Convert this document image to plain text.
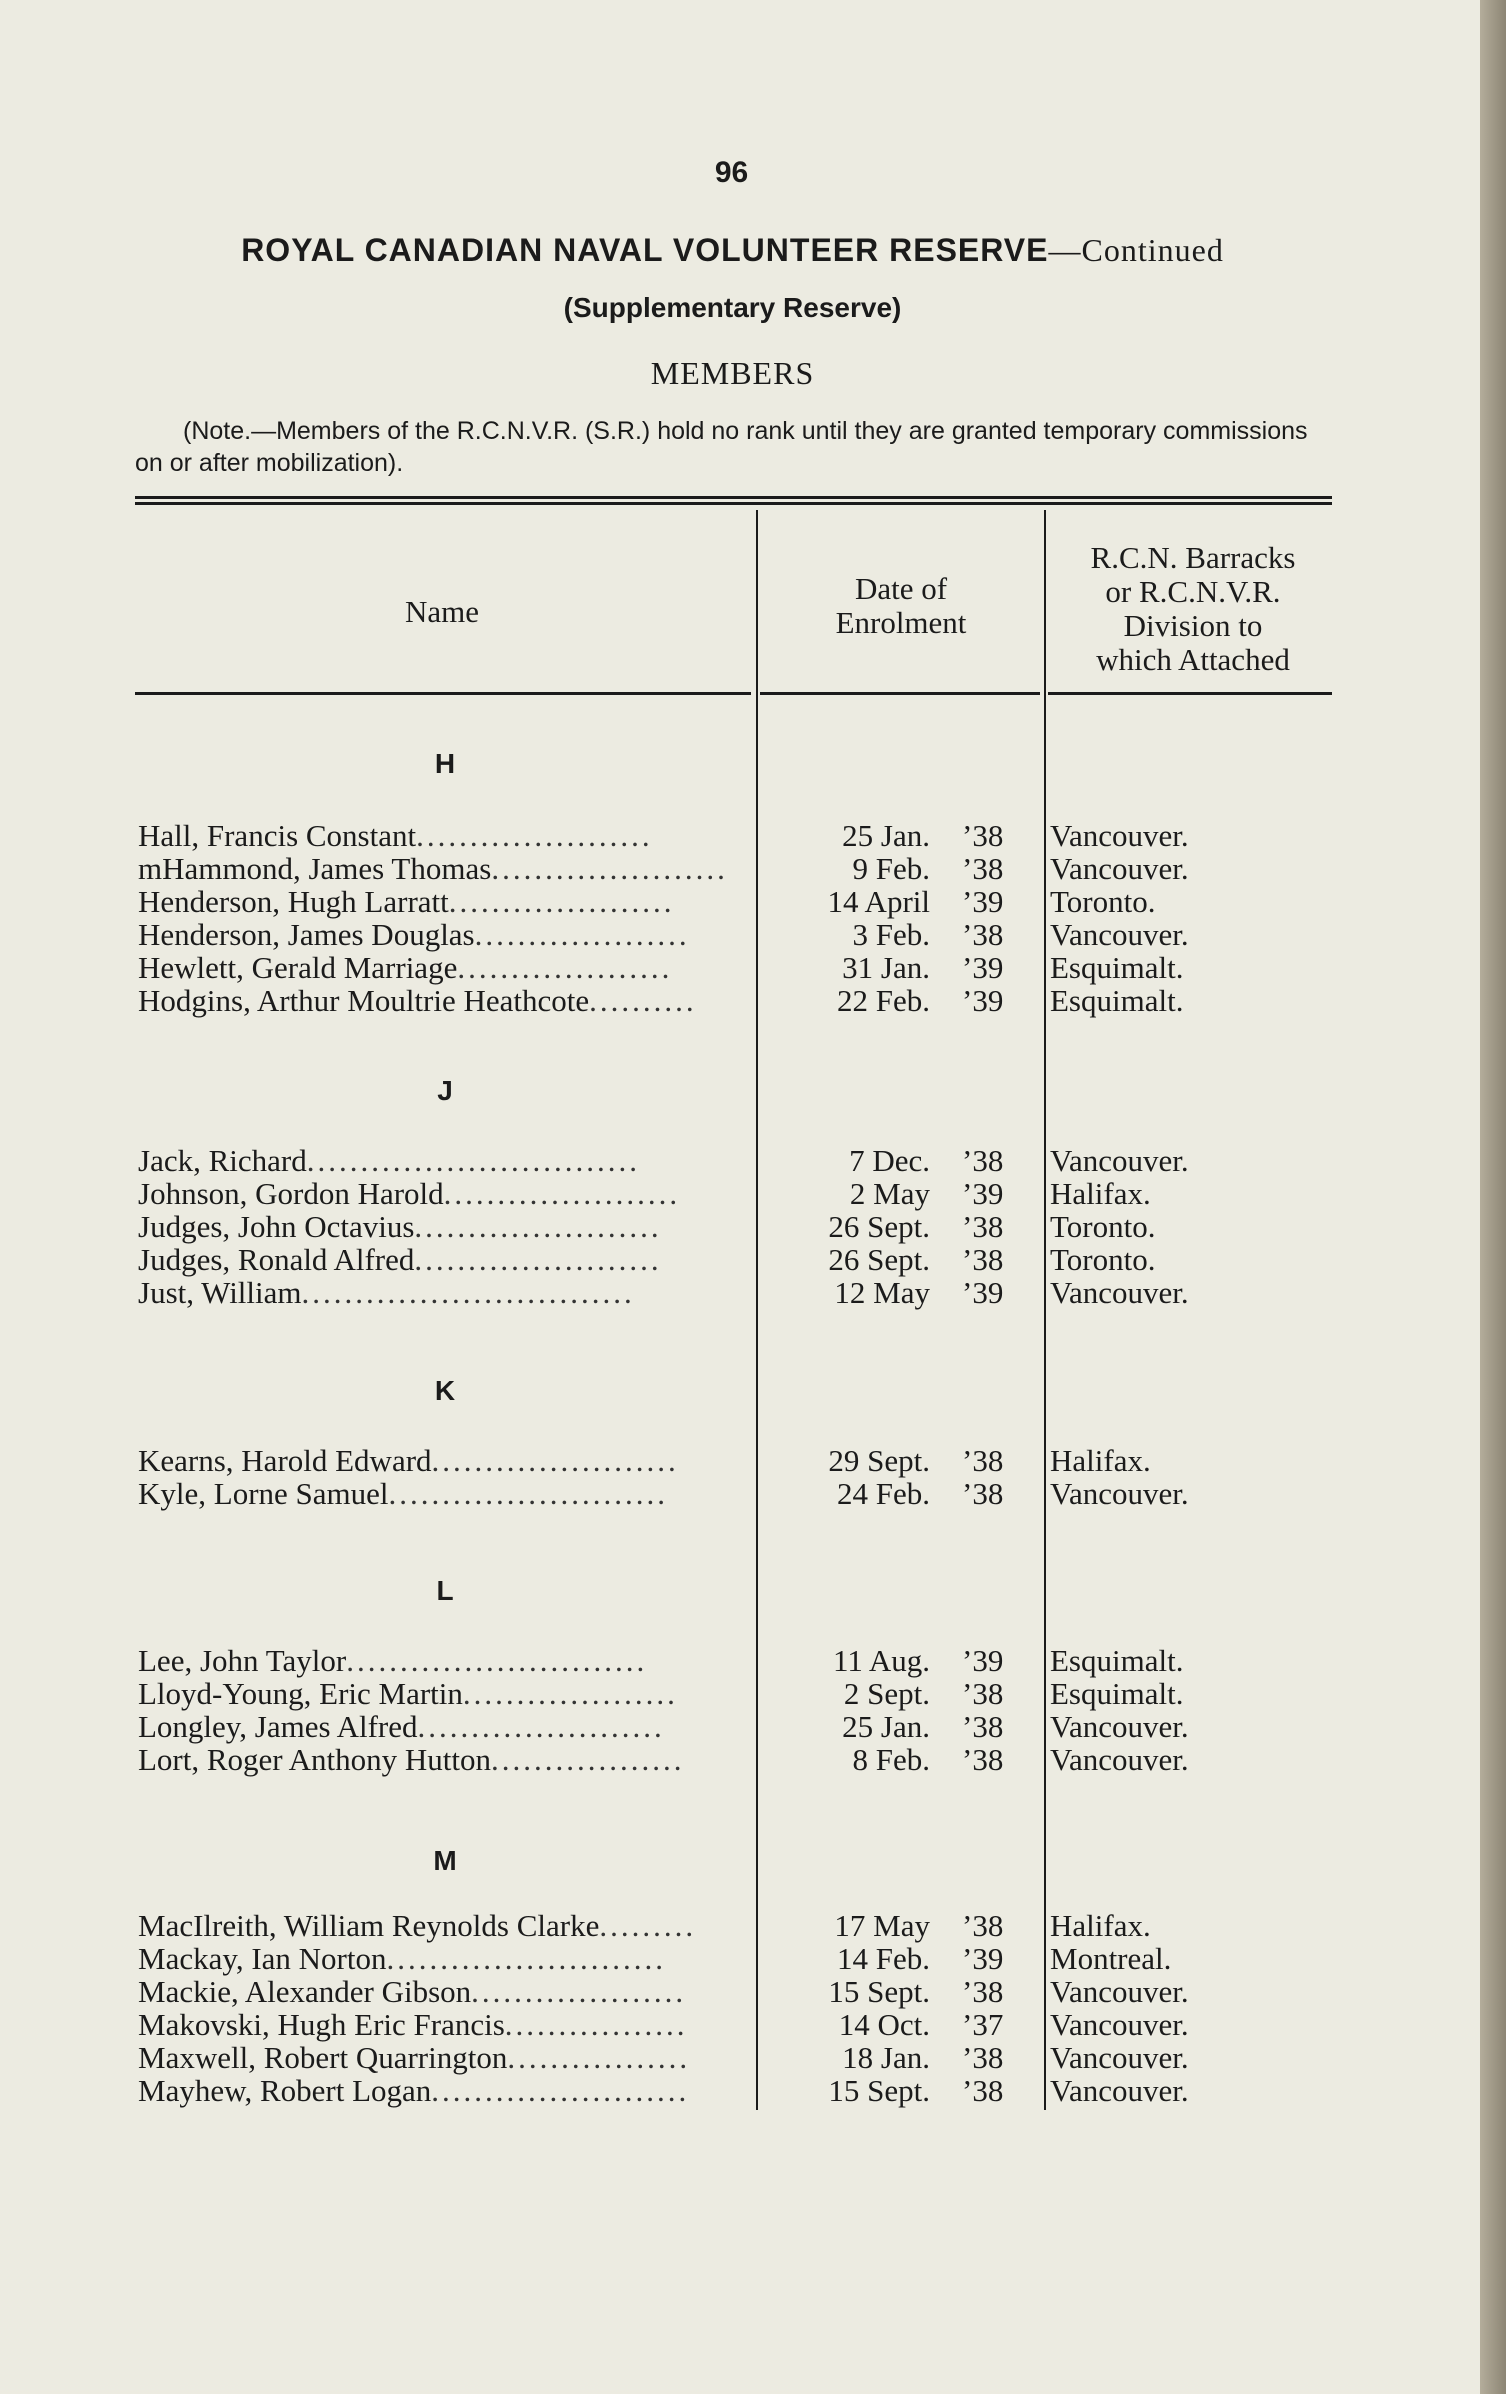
96
ROYAL CANADIAN NAVAL VOLUNTEER RESERVE—Continued
(Supplementary Reserve)
MEMBERS
(Note.—Members of the R.C.N.V.R. (S.R.) hold no rank until they are granted temporary commissions on or after mobilization).
Name
Date of
Enrolment
R.C.N. Barracks
or R.C.N.V.R.
Division to
which Attached
H
Hall, Francis Constant......................	25 Jan. ’38	Vancouver.
mHammond, James Thomas......................	9 Feb. ’38	Vancouver.
Henderson, Hugh Larratt.....................	14 April ’39	Toronto.
Henderson, James Douglas....................	3 Feb. ’38	Vancouver.
Hewlett, Gerald Marriage....................	31 Jan. ’39	Esquimalt.
Hodgins, Arthur Moultrie Heathcote..........	22 Feb. ’39	Esquimalt.
J
Jack, Richard...............................	7 Dec. ’38	Vancouver.
Johnson, Gordon Harold......................	2 May ’39	Halifax.
Judges, John Octavius.......................	26 Sept. ’38	Toronto.
Judges, Ronald Alfred.......................	26 Sept. ’38	Toronto.
Just, William...............................	12 May ’39	Vancouver.
K
Kearns, Harold Edward.......................	29 Sept. ’38	Halifax.
Kyle, Lorne Samuel..........................	24 Feb. ’38	Vancouver.
L
Lee, John Taylor............................	11 Aug. ’39	Esquimalt.
Lloyd-Young, Eric Martin....................	2 Sept. ’38	Esquimalt.
Longley, James Alfred.......................	25 Jan. ’38	Vancouver.
Lort, Roger Anthony Hutton..................	8 Feb. ’38	Vancouver.
M
MacIlreith, William Reynolds Clarke.........	17 May ’38	Halifax.
Mackay, Ian Norton..........................	14 Feb. ’39	Montreal.
Mackie, Alexander Gibson....................	15 Sept. ’38	Vancouver.
Makovski, Hugh Eric Francis.................	14 Oct. ’37	Vancouver.
Maxwell, Robert Quarrington.................	18 Jan. ’38	Vancouver.
Mayhew, Robert Logan........................	15 Sept. ’38	Vancouver.
